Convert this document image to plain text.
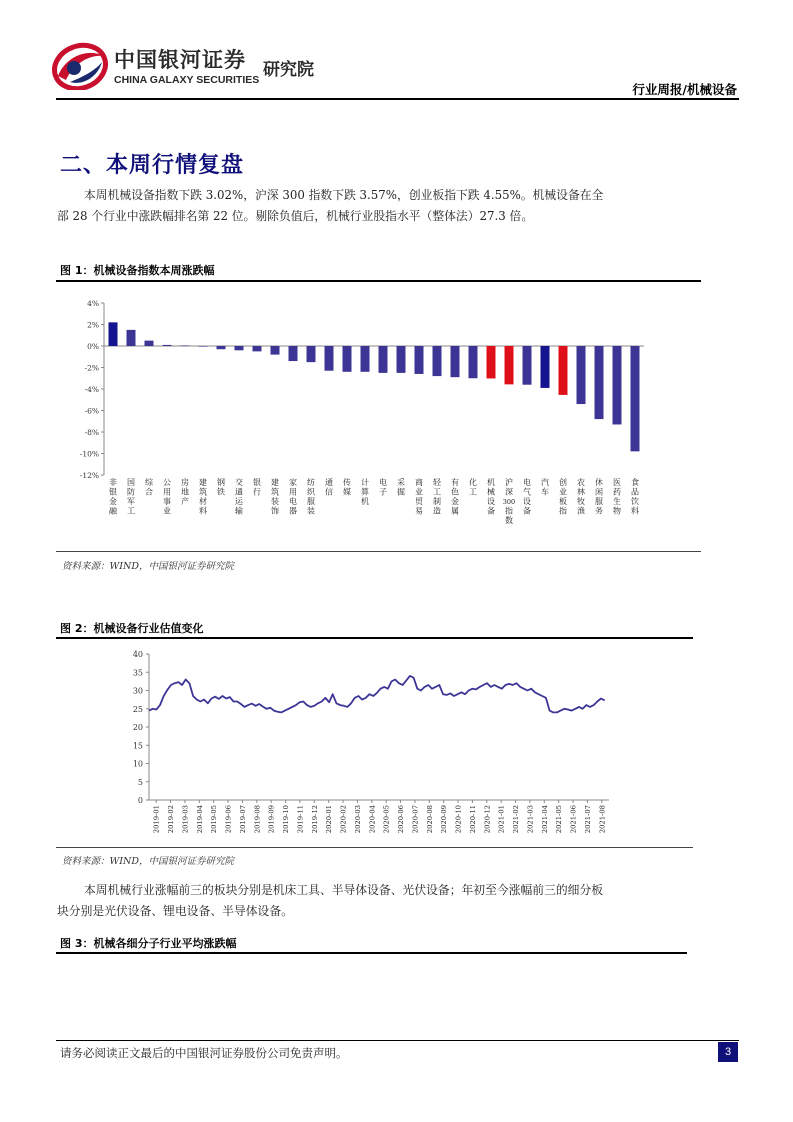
中国银河证券
CHINA GALAXY SECURITIES 研究院
行业周报/机械设备
二、本周行情复盘
本周机械设备指数下跌 3.02%，沪深 300 指数下跌 3.57%，创业板指下跌 4.55%。机械设备在全部 28 个行业中涨跌幅排名第 22 位。剔除负值后，机械行业股指水平（整体法）27.3 倍。
图 1：机械设备指数本周涨跌幅
4%
2%
0%
-2%
-4%
-6%
-8%
-10%
-12%
非银金融
国防军工
综合
公用事业
房地产
建筑材料
钢铁
交通运输
银行
建筑装饰
家用电器
纺织服装
通信
传媒
计算机
电子
采掘
商业贸易
轻工制造
有色金属
化工
机械设备
沪深 300 指数
电气设备
汽车
创业板指
农林牧渔
休闲服务
医药生物
食品饮料
资料来源：WIND，中国银河证券研究院
图 2：机械设备行业估值变化
40
35
30
25
20
15
10
5
0
2019-01 2019-02 2019-03 2019-04 2019-05 2019-06 2019-07 2019-08 2019-09 2019-10 2019-11 2019-12 2020-01 2020-02 2020-03 2020-04 2020-05 2020-06 2020-07 2020-08 2020-09 2020-10 2020-11 2020-12 2021-01 2021-02 2021-03 2021-04 2021-05 2021-06 2021-07 2021-08
资料来源：WIND，中国银河证券研究院
本周机械行业涨幅前三的板块分别是机床工具、半导体设备、光伏设备；年初至今涨幅前三的细分板块分别是光伏设备、锂电设备、半导体设备。
图 3：机械各细分子行业平均涨跌幅
请务必阅读正文最后的中国银河证券股份公司免责声明。	3
